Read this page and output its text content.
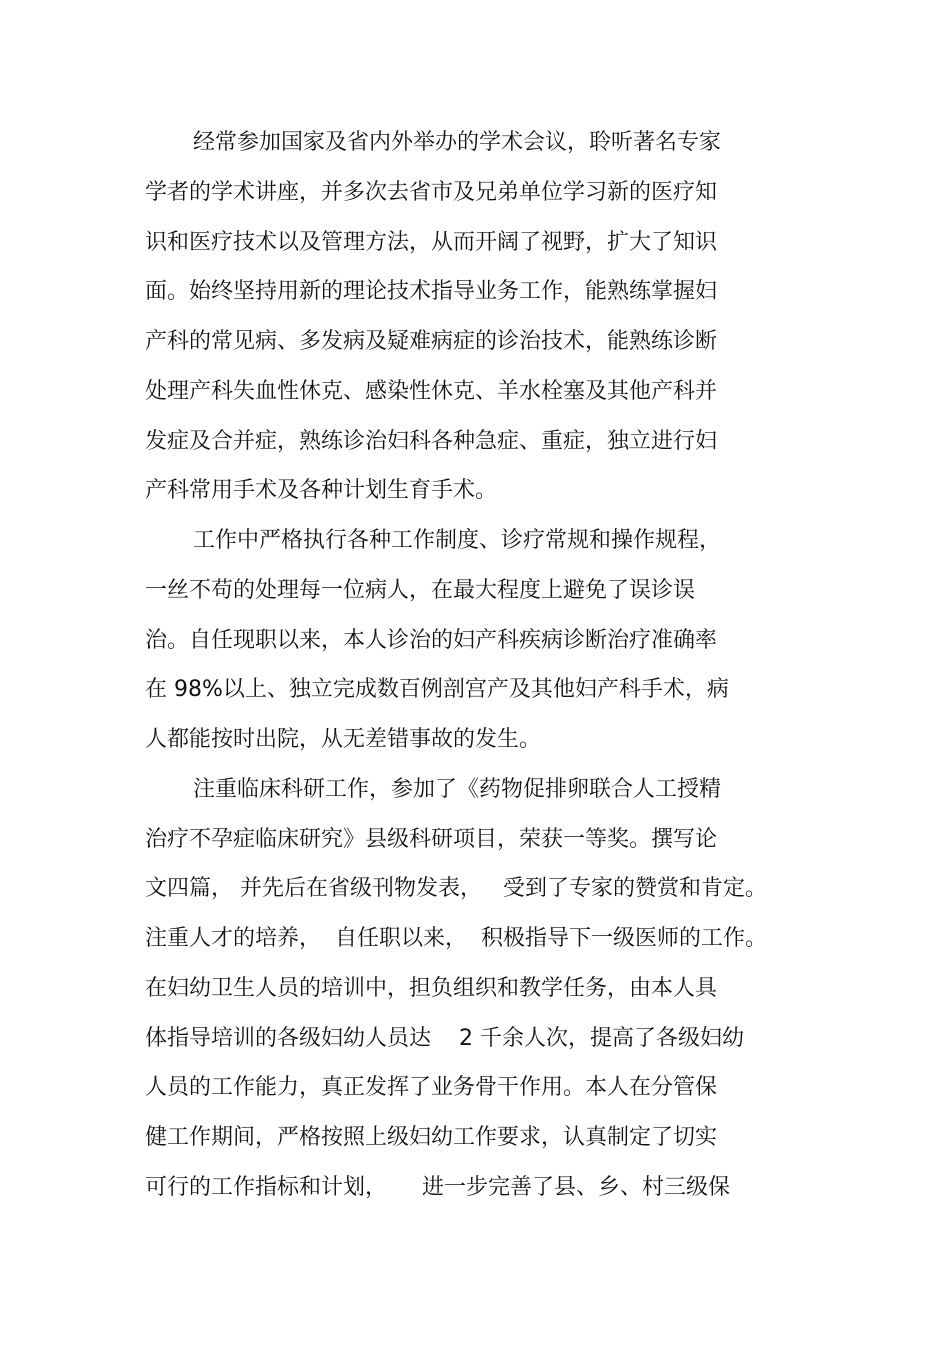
经常参加国家及省内外举办的学术会议，聆听著名专家
学者的学术讲座，并多次去省市及兄弟单位学习新的医疗知
识和医疗技术以及管理方法，从而开阔了视野，扩大了知识
面。始终坚持用新的理论技术指导业务工作，能熟练掌握妇
产科的常见病、多发病及疑难病症的诊治技术，能熟练诊断
处理产科失血性休克、感染性休克、羊水栓塞及其他产科并
发症及合并症，熟练诊治妇科各种急症、重症，独立进行妇
产科常用手术及各种计划生育手术。
工作中严格执行各种工作制度、诊疗常规和操作规程，
一丝不苟的处理每一位病人，在最大程度上避免了误诊误
治。自任现职以来，本人诊治的妇产科疾病诊断治疗准确率
在 98%以上、独立完成数百例剖宫产及其他妇产科手术，病
人都能按时出院，从无差错事故的发生。
注重临床科研工作，参加了《药物促排卵联合人工授精
治疗不孕症临床研究》县级科研项目，荣获一等奖。撰写论
文四篇， 并先后在省级刊物发表，   受到了专家的赞赏和肯定。
注重人才的培养，  自任职以来，  积极指导下一级医师的工作。
在妇幼卫生人员的培训中，担负组织和教学任务，由本人具
体指导培训的各级妇幼人员达    2 千余人次，提高了各级妇幼
人员的工作能力，真正发挥了业务骨干作用。本人在分管保
健工作期间，严格按照上级妇幼工作要求，认真制定了切实
可行的工作指标和计划，     进一步完善了县、乡、村三级保
